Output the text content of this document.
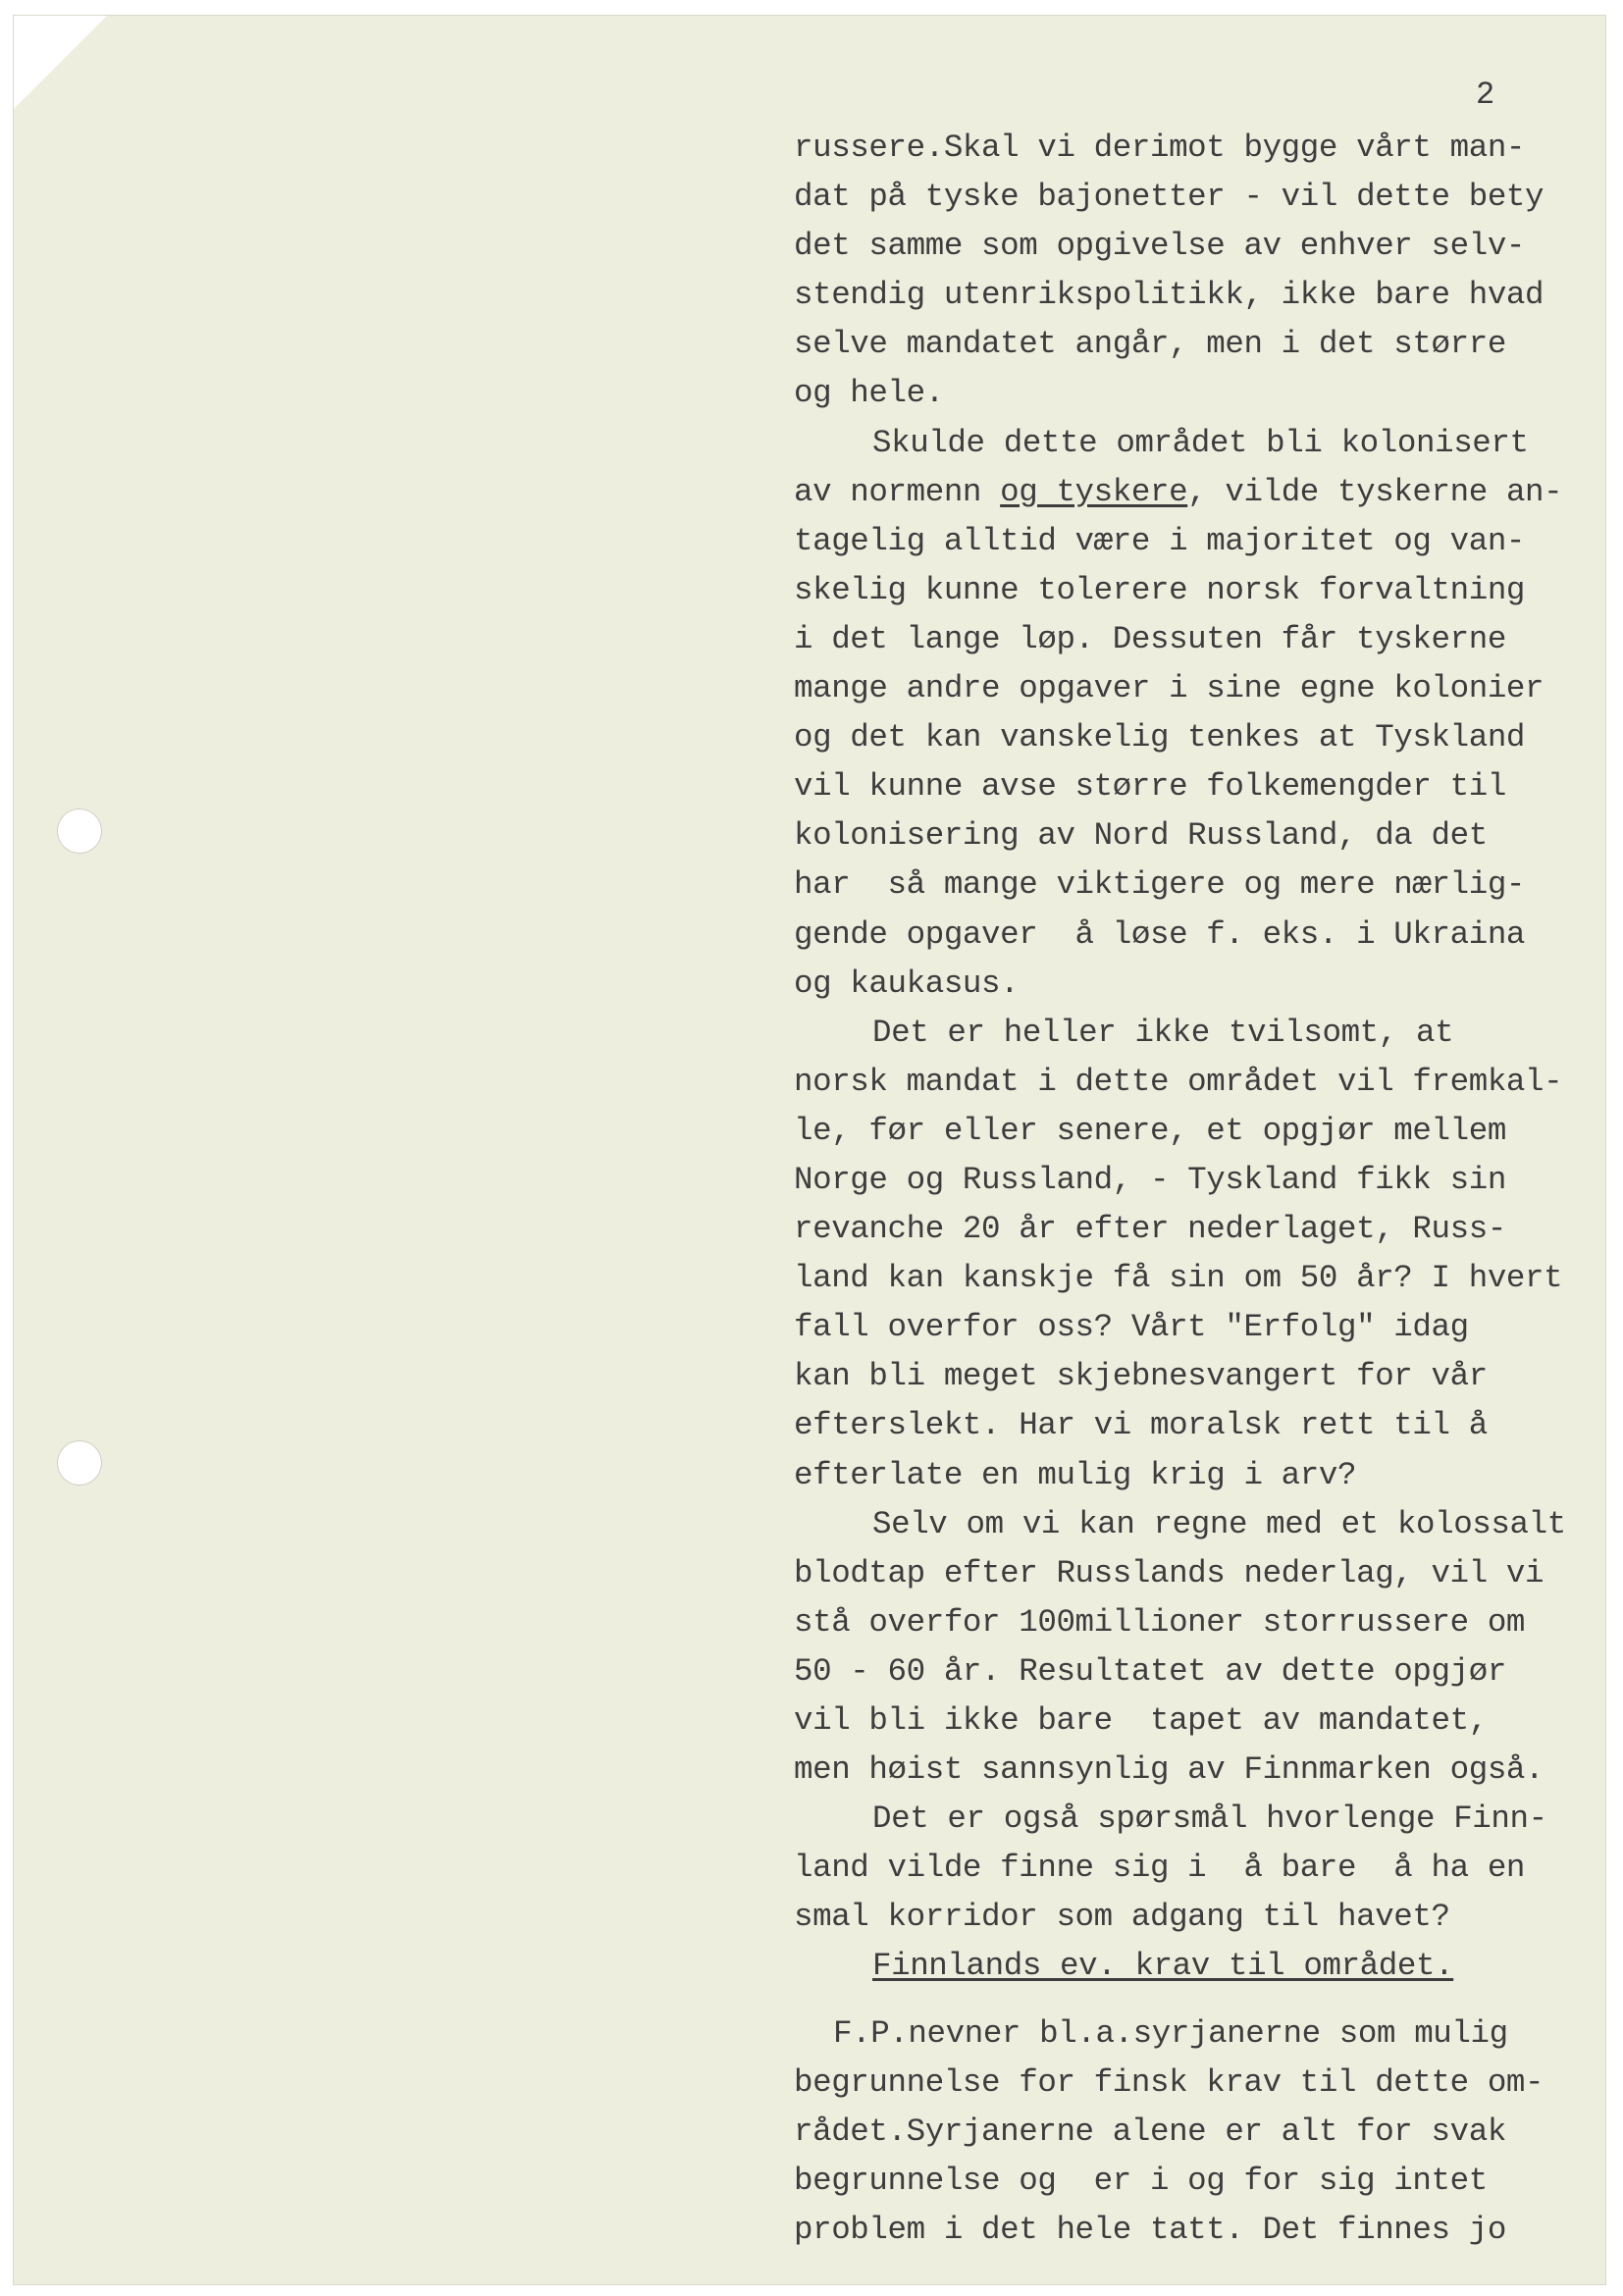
2
russere.Skal vi derimot bygge vårt man-
dat på tyske bajonetter - vil dette bety
det samme som opgivelse av enhver selv-
stendig utenrikspolitikk, ikke bare hvad
selve mandatet angår, men i det større
og hele.
Skulde dette området bli kolonisert
av normenn og tyskere, vilde tyskerne an-
tagelig alltid være i majoritet og van-
skelig kunne tolerere norsk forvaltning
i det lange løp. Dessuten får tyskerne
mange andre opgaver i sine egne kolonier
og det kan vanskelig tenkes at Tyskland
vil kunne avse større folkemengder til
kolonisering av Nord Russland, da det
har  så mange viktigere og mere nærlig-
gende opgaver  å løse f. eks. i Ukraina
og kaukasus.
Det er heller ikke tvilsomt, at
norsk mandat i dette området vil fremkal-
le, før eller senere, et opgjør mellem
Norge og Russland, - Tyskland fikk sin
revanche 20 år efter nederlaget, Russ-
land kan kanskje få sin om 50 år? I hvert
fall overfor oss? Vårt "Erfolg" idag
kan bli meget skjebnesvangert for vår
efterslekt. Har vi moralsk rett til å
efterlate en mulig krig i arv?
Selv om vi kan regne med et kolossalt
blodtap efter Russlands nederlag, vil vi
stå overfor 100millioner storrussere om
50 - 60 år. Resultatet av dette opgjør
vil bli ikke bare  tapet av mandatet,
men høist sannsynlig av Finnmarken også.
Det er også spørsmål hvorlenge Finn-
land vilde finne sig i  å bare  å ha en
smal korridor som adgang til havet?
Finnlands ev. krav til området.
F.P.nevner bl.a.syrjanerne som mulig
begrunnelse for finsk krav til dette om-
rådet.Syrjanerne alene er alt for svak
begrunnelse og  er i og for sig intet
problem i det hele tatt. Det finnes jo
